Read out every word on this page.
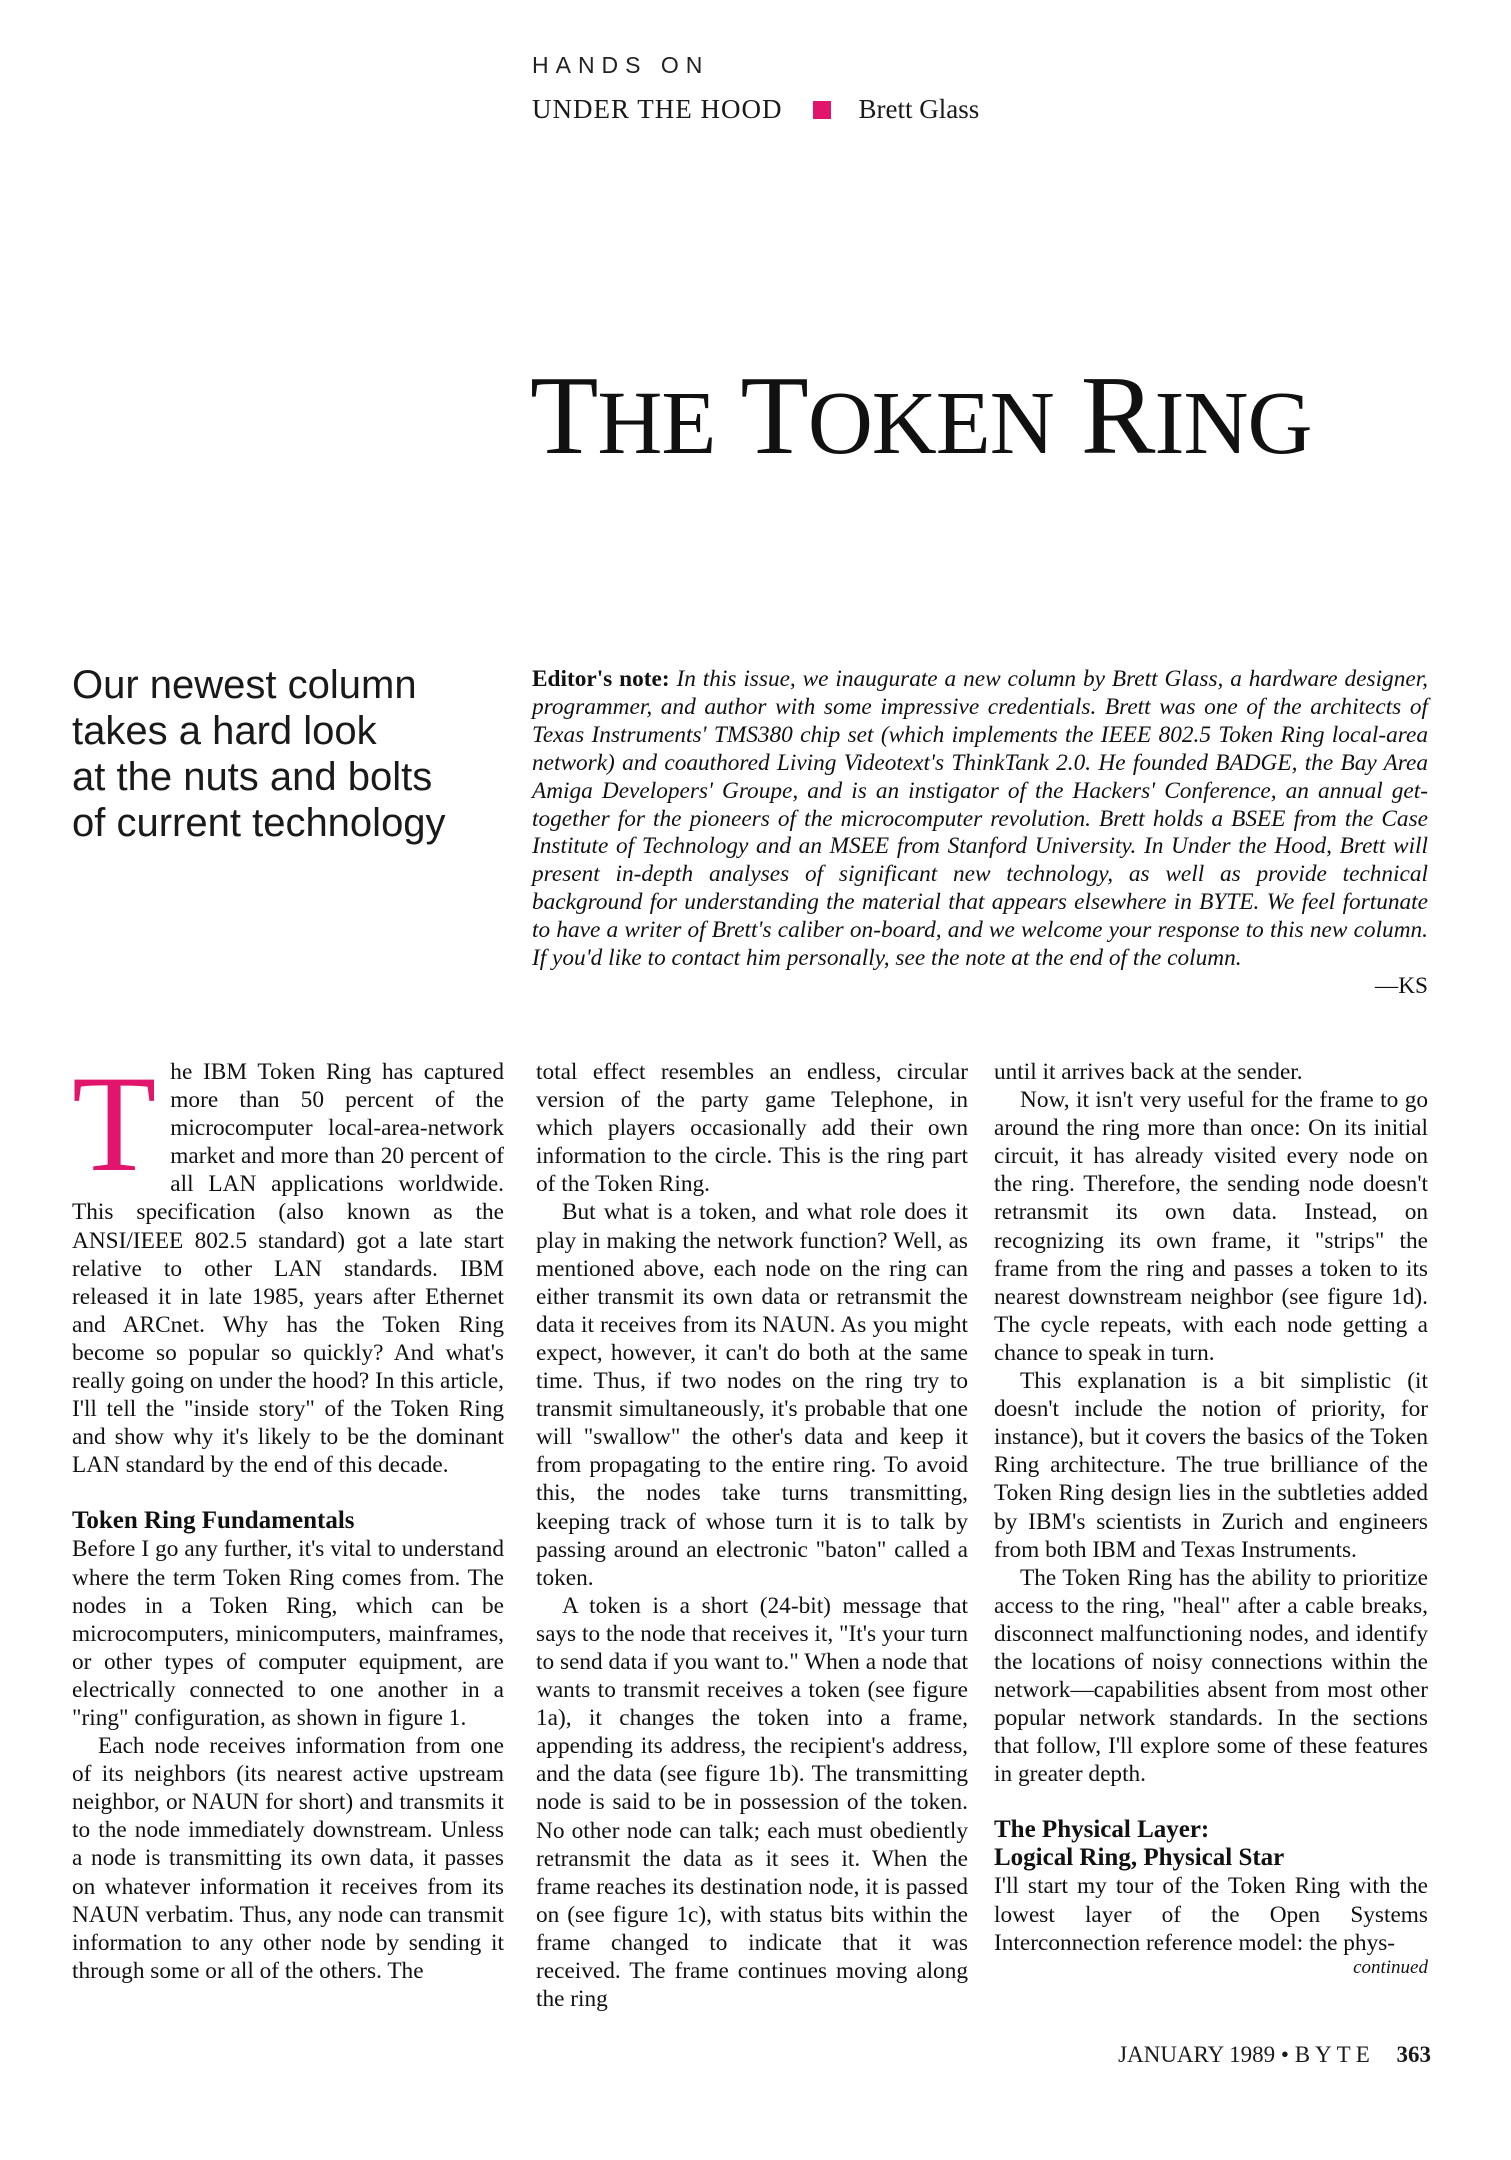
HANDS ON
UNDER THE HOOD	Brett Glass
THE TOKEN RING
Our newest column
takes a hard look
at the nuts and bolts
of current technology
Editor's note: In this issue, we inaugurate a new column by Brett Glass, a hardware designer, programmer, and author with some impressive credentials. Brett was one of the architects of Texas Instruments' TMS380 chip set (which implements the IEEE 802.5 Token Ring local-area network) and coauthored Living Videotext's ThinkTank 2.0. He founded BADGE, the Bay Area Amiga Developers' Groupe, and is an instigator of the Hackers' Conference, an annual get-together for the pioneers of the microcomputer revolution. Brett holds a BSEE from the Case Institute of Technology and an MSEE from Stanford University. In Under the Hood, Brett will present in-depth analyses of significant new technology, as well as provide technical background for understanding the material that appears elsewhere in BYTE. We feel fortunate to have a writer of Brett's caliber on-board, and we welcome your response to this new column. If you'd like to contact him personally, see the note at the end of the column.
—KS

The IBM Token Ring has captured more than 50 percent of the microcomputer local-area-network market and more than 20 percent of all LAN applications worldwide. This specification (also known as the ANSI/IEEE 802.5 standard) got a late start relative to other LAN standards. IBM released it in late 1985, years after Ethernet and ARCnet. Why has the Token Ring become so popular so quickly? And what's really going on under the hood? In this article, I'll tell the "inside story" of the Token Ring and show why it's likely to be the dominant LAN standard by the end of this decade.

Token Ring Fundamentals

Before I go any further, it's vital to understand where the term Token Ring comes from. The nodes in a Token Ring, which can be microcomputers, minicomputers, mainframes, or other types of computer equipment, are electrically connected to one another in a "ring" configuration, as shown in figure 1.

Each node receives information from one of its neighbors (its nearest active upstream neighbor, or NAUN for short) and transmits it to the node immediately downstream. Unless a node is transmitting its own data, it passes on whatever information it receives from its NAUN verbatim. Thus, any node can transmit information to any other node by sending it through some or all of the others. The

total effect resembles an endless, circular version of the party game Telephone, in which players occasionally add their own information to the circle. This is the ring part of the Token Ring.

But what is a token, and what role does it play in making the network function? Well, as mentioned above, each node on the ring can either transmit its own data or retransmit the data it receives from its NAUN. As you might expect, however, it can't do both at the same time. Thus, if two nodes on the ring try to transmit simultaneously, it's probable that one will "swallow" the other's data and keep it from propagating to the entire ring. To avoid this, the nodes take turns transmitting, keeping track of whose turn it is to talk by passing around an electronic "baton" called a token.

A token is a short (24-bit) message that says to the node that receives it, "It's your turn to send data if you want to." When a node that wants to transmit receives a token (see figure 1a), it changes the token into a frame, appending its address, the recipient's address, and the data (see figure 1b). The transmitting node is said to be in possession of the token. No other node can talk; each must obediently retransmit the data as it sees it. When the frame reaches its destination node, it is passed on (see figure 1c), with status bits within the frame changed to indicate that it was received. The frame continues moving along the ring

until it arrives back at the sender.

Now, it isn't very useful for the frame to go around the ring more than once: On its initial circuit, it has already visited every node on the ring. Therefore, the sending node doesn't retransmit its own data. Instead, on recognizing its own frame, it "strips" the frame from the ring and passes a token to its nearest downstream neighbor (see figure 1d). The cycle repeats, with each node getting a chance to speak in turn.

This explanation is a bit simplistic (it doesn't include the notion of priority, for instance), but it covers the basics of the Token Ring architecture. The true brilliance of the Token Ring design lies in the subtleties added by IBM's scientists in Zurich and engineers from both IBM and Texas Instruments.

The Token Ring has the ability to prioritize access to the ring, "heal" after a cable breaks, disconnect malfunctioning nodes, and identify the locations of noisy connections within the network—capabilities absent from most other popular network standards. In the sections that follow, I'll explore some of these features in greater depth.

The Physical Layer:
Logical Ring, Physical Star

I'll start my tour of the Token Ring with the lowest layer of the Open Systems Interconnection reference model: the phys-

continued
JANUARY 1989 • BYTE 363
